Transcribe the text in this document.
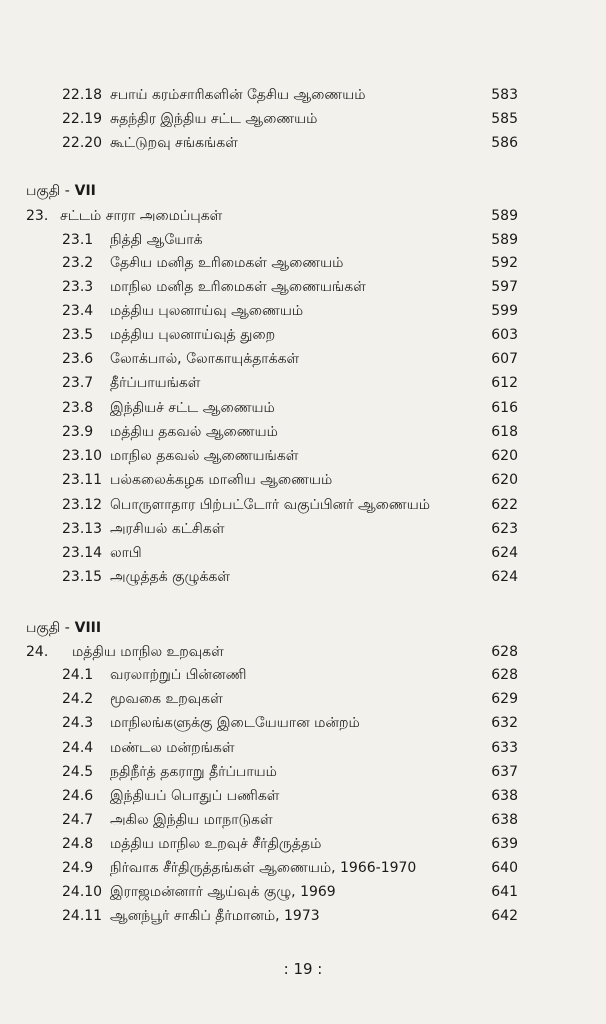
22.18 சபாய் கரம்சாரிகளின் தேசிய ஆணையம்	583
22.19 சுதந்திர இந்திய சட்ட ஆணையம்	585
22.20 கூட்டுறவு சங்கங்கள்	586
பகுதி - VII
23. சட்டம் சாரா அமைப்புகள்	589
23.1 நித்தி ஆயோக்	589
23.2 தேசிய மனித உரிமைகள் ஆணையம்	592
23.3 மாநில மனித உரிமைகள் ஆணையங்கள்	597
23.4 மத்திய புலனாய்வு ஆணையம்	599
23.5 மத்திய புலனாய்வுத் துறை	603
23.6 லோக்பால், லோகாயுக்தாக்கள்	607
23.7 தீர்ப்பாயங்கள்	612
23.8 இந்தியச் சட்ட ஆணையம்	616
23.9 மத்திய தகவல் ஆணையம்	618
23.10 மாநில தகவல் ஆணையங்கள்	620
23.11 பல்கலைக்கழக மானிய ஆணையம்	620
23.12 பொருளாதார பிற்பட்டோர் வகுப்பினர் ஆணையம்	622
23.13 அரசியல் கட்சிகள்	623
23.14 லாபி	624
23.15 அழுத்தக் குழுக்கள்	624
பகுதி - VIII
24. மத்திய மாநில உறவுகள்	628
24.1 வரலாற்றுப் பின்னணி	628
24.2 மூவகை உறவுகள்	629
24.3 மாநிலங்களுக்கு இடையேயான மன்றம்	632
24.4 மண்டல மன்றங்கள்	633
24.5 நதிநீர்த் தகராறு தீர்ப்பாயம்	637
24.6 இந்தியப் பொதுப் பணிகள்	638
24.7 அகில இந்திய மாநாடுகள்	638
24.8 மத்திய மாநில உறவுச் சீர்திருத்தம்	639
24.9 நிர்வாக சீர்திருத்தங்கள் ஆணையம், 1966-1970	640
24.10 இராஜமன்னார் ஆய்வுக் குழு, 1969	641
24.11 ஆனந்பூர் சாகிப் தீர்மானம், 1973	642
: 19 :
